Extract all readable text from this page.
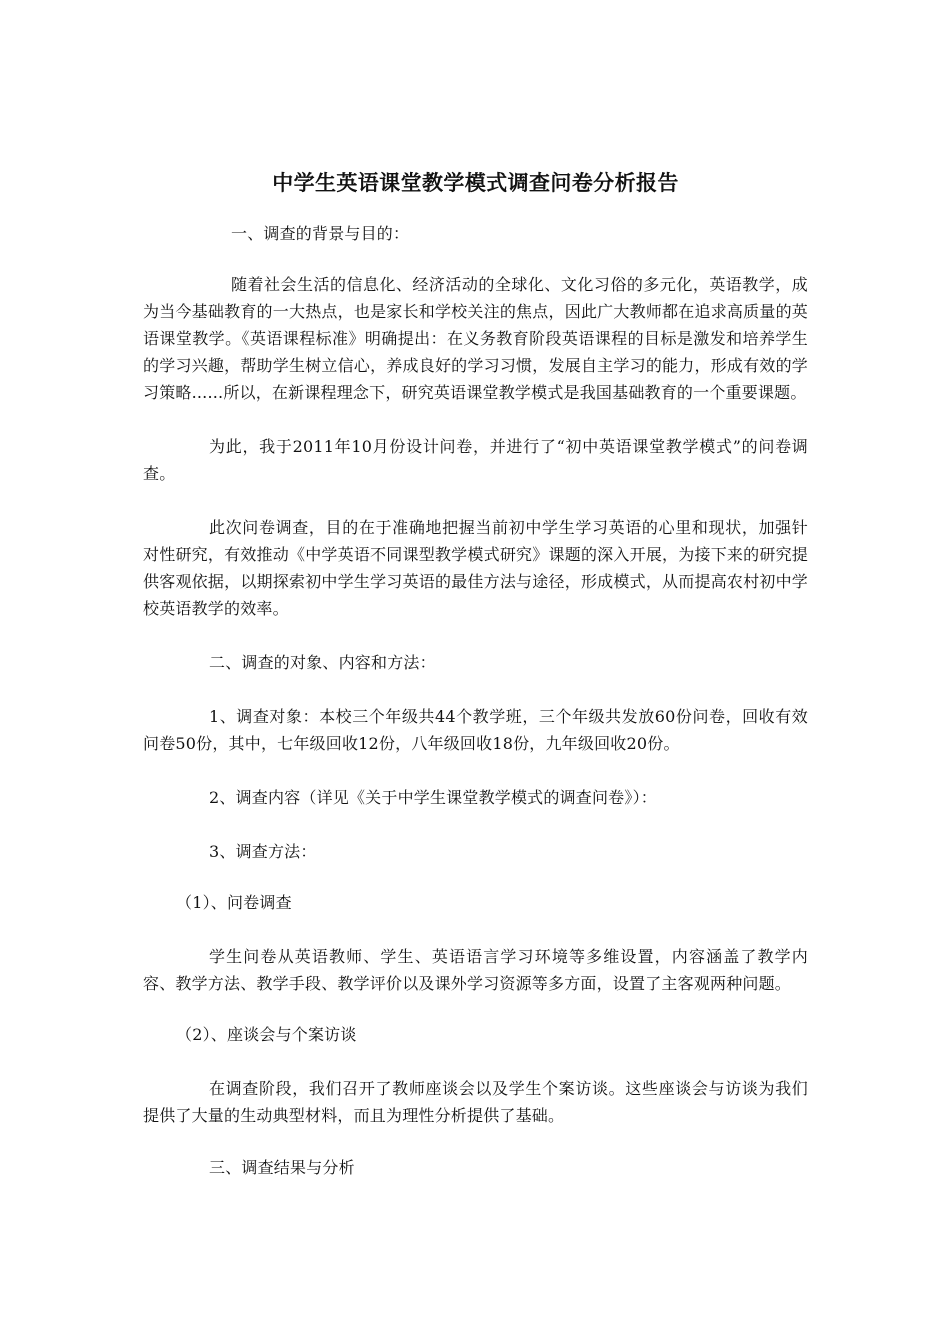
中学生英语课堂教学模式调查问卷分析报告

一、调查的背景与目的：

随着社会生活的信息化、经济活动的全球化、文化习俗的多元化，英语教学，成为当今基础教育的一大热点，也是家长和学校关注的焦点，因此广大教师都在追求高质量的英语课堂教学。《英语课程标准》明确提出：在义务教育阶段英语课程的目标是激发和培养学生的学习兴趣，帮助学生树立信心，养成良好的学习习惯，发展自主学习的能力，形成有效的学习策略......所以，在新课程理念下，研究英语课堂教学模式是我国基础教育的一个重要课题。

为此，我于2011年10月份设计问卷，并进行了“初中英语课堂教学模式”的问卷调查。

此次问卷调查，目的在于准确地把握当前初中学生学习英语的心里和现状，加强针对性研究，有效推动《中学英语不同课型教学模式研究》课题的深入开展，为接下来的研究提供客观依据，以期探索初中学生学习英语的最佳方法与途径，形成模式，从而提高农村初中学校英语教学的效率。

二、调查的对象、内容和方法：

1、调查对象：本校三个年级共44个教学班，三个年级共发放60份问卷，回收有效问卷50份，其中，七年级回收12份，八年级回收18份，九年级回收20份。

2、调查内容（详见《关于中学生课堂教学模式的调查问卷》）：

3、调查方法：

（1）、问卷调查

学生问卷从英语教师、学生、英语语言学习环境等多维设置，内容涵盖了教学内容、教学方法、教学手段、教学评价以及课外学习资源等多方面，设置了主客观两种问题。

（2）、座谈会与个案访谈

在调查阶段，我们召开了教师座谈会以及学生个案访谈。这些座谈会与访谈为我们提供了大量的生动典型材料，而且为理性分析提供了基础。

三、调查结果与分析
